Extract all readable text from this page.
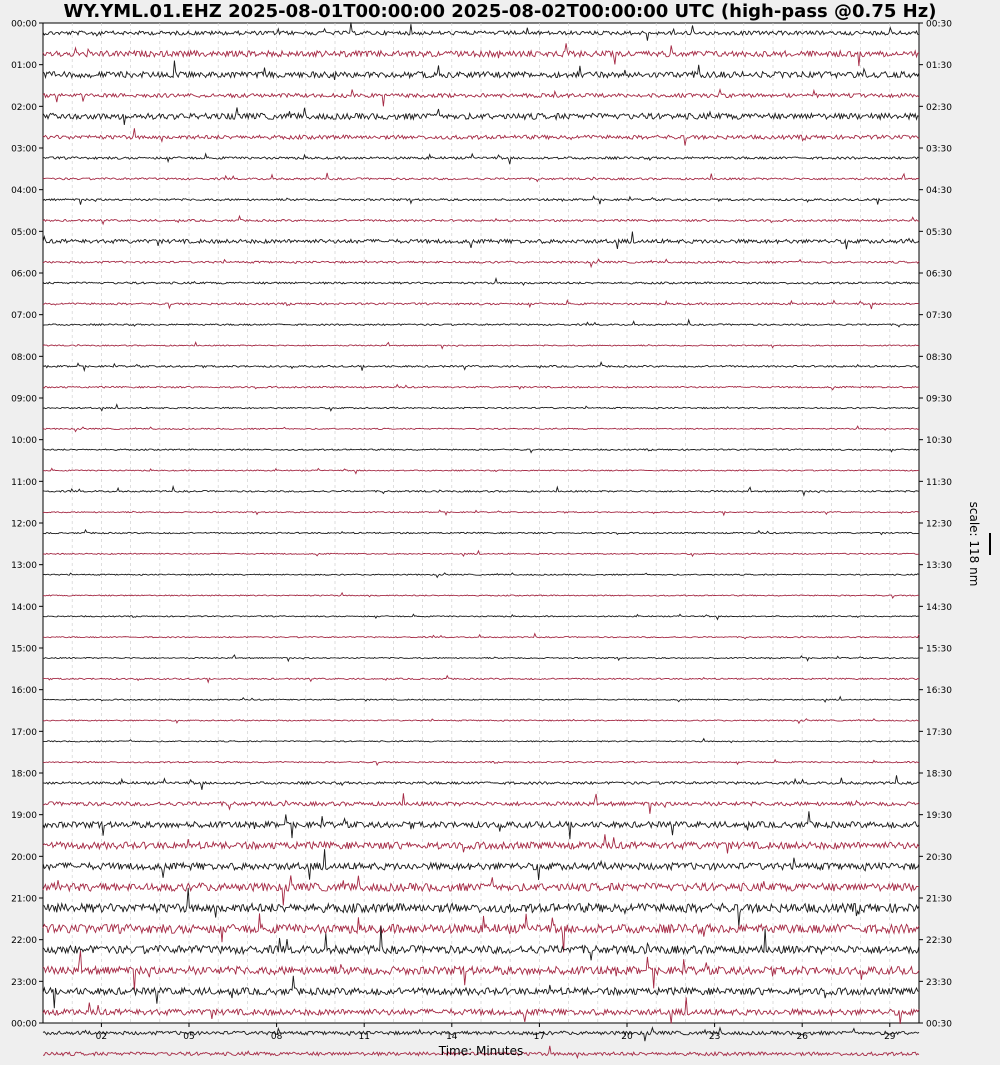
WY.YML.01.EHZ 2025-08-01T00:00:00 2025-08-02T00:00:00 UTC (high-pass @0.75 Hz)
00:00
01:00
02:00
03:00
04:00
05:00
06:00
07:00
08:00
09:00
10:00
11:00
12:00
13:00
14:00
15:00
16:00
17:00
18:00
19:00
20:00
21:00
22:00
23:00
00:00
00:30
01:30
02:30
03:30
04:30
05:30
06:30
07:30
08:30
09:30
10:30
11:30
12:30
13:30
14:30
15:30
16:30
17:30
18:30
19:30
20:30
21:30
22:30
23:30
00:30
02	05	08	11	14	17	20	23	26	29
Time: Minutes
scale: 118 nm
